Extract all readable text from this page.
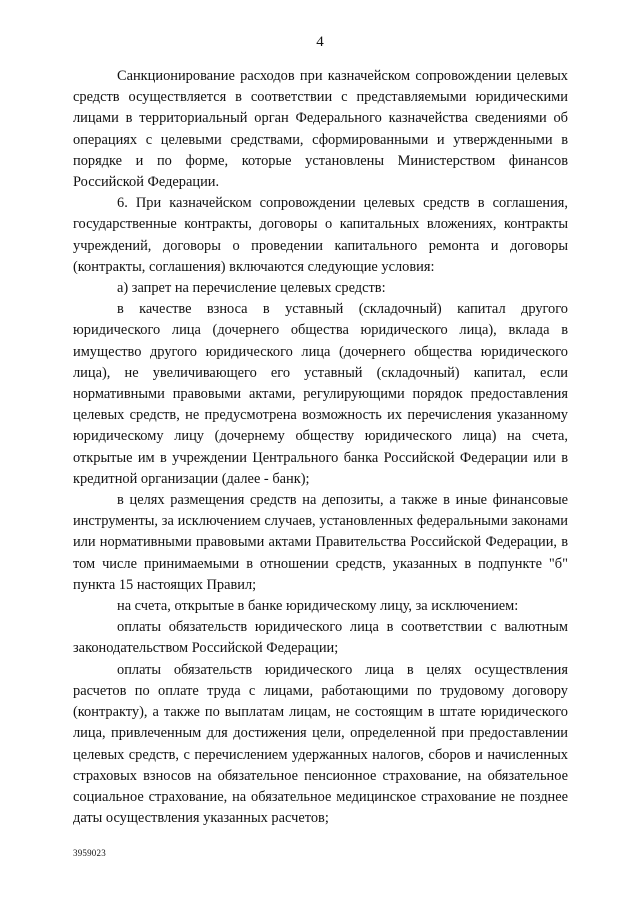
4

Санкционирование расходов при казначейском сопровождении целевых средств осуществляется в соответствии с представляемыми юридическими лицами в территориальный орган Федерального казначейства сведениями об операциях с целевыми средствами, сформированными и утвержденными в порядке и по форме, которые установлены Министерством финансов Российской Федерации.

6. При казначейском сопровождении целевых средств в соглашения, государственные контракты, договоры о капитальных вложениях, контракты учреждений, договоры о проведении капитального ремонта и договоры (контракты, соглашения) включаются следующие условия:

а) запрет на перечисление целевых средств:

в качестве взноса в уставный (складочный) капитал другого юридического лица (дочернего общества юридического лица), вклада в имущество другого юридического лица (дочернего общества юридического лица), не увеличивающего его уставный (складочный) капитал, если нормативными правовыми актами, регулирующими порядок предоставления целевых средств, не предусмотрена возможность их перечисления указанному юридическому лицу (дочернему обществу юридического лица) на счета, открытые им в учреждении Центрального банка Российской Федерации или в кредитной организации (далее - банк);

в целях размещения средств на депозиты, а также в иные финансовые инструменты, за исключением случаев, установленных федеральными законами или нормативными правовыми актами Правительства Российской Федерации, в том числе принимаемыми в отношении средств, указанных в подпункте "б" пункта 15 настоящих Правил;

на счета, открытые в банке юридическому лицу, за исключением:

оплаты обязательств юридического лица в соответствии с валютным законодательством Российской Федерации;

оплаты обязательств юридического лица в целях осуществления расчетов по оплате труда с лицами, работающими по трудовому договору (контракту), а также по выплатам лицам, не состоящим в штате юридического лица, привлеченным для достижения цели, определенной при предоставлении целевых средств, с перечислением удержанных налогов, сборов и начисленных страховых взносов на обязательное пенсионное страхование, на обязательное социальное страхование, на обязательное медицинское страхование не позднее даты осуществления указанных расчетов;

3959023
